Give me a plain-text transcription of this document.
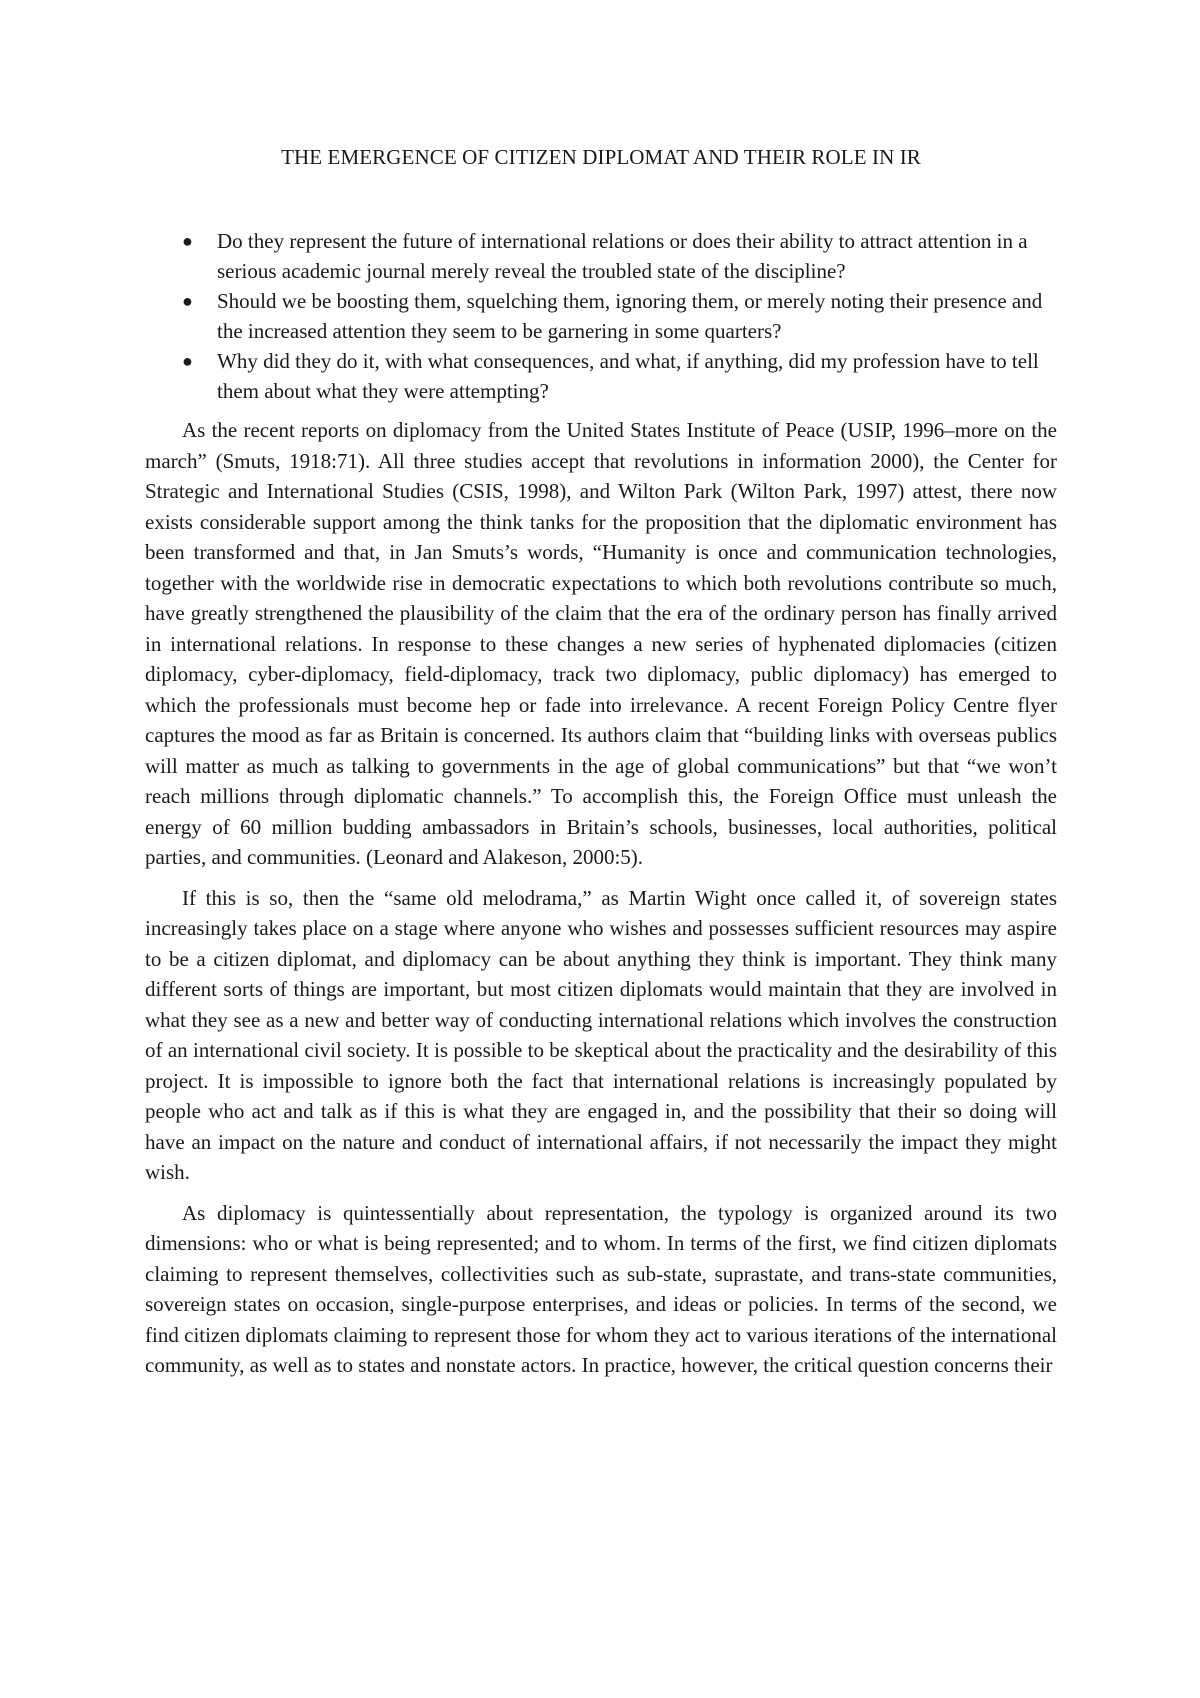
THE EMERGENCE OF CITIZEN DIPLOMAT AND THEIR ROLE IN IR
● Do they represent the future of international relations or does their ability to attract attention in a serious academic journal merely reveal the troubled state of the discipline?
● Should we be boosting them, squelching them, ignoring them, or merely noting their presence and the increased attention they seem to be garnering in some quarters?
● Why did they do it, with what consequences, and what, if anything, did my profession have to tell them about what they were attempting?

As the recent reports on diplomacy from the United States Institute of Peace (USIP, 1996–more on the march” (Smuts, 1918:71). All three studies accept that revolutions in information 2000), the Center for Strategic and International Studies (CSIS, 1998), and Wilton Park (Wilton Park, 1997) attest, there now exists considerable support among the think tanks for the proposition that the diplomatic environment has been transformed and that, in Jan Smuts’s words, “Humanity is once and communication technologies, together with the worldwide rise in democratic expectations to which both revolutions contribute so much, have greatly strengthened the plausibility of the claim that the era of the ordinary person has finally arrived in international relations. In response to these changes a new series of hyphenated diplomacies (citizen diplomacy, cyber-diplomacy, field-diplomacy, track two diplomacy, public diplomacy) has emerged to which the professionals must become hep or fade into irrelevance. A recent Foreign Policy Centre flyer captures the mood as far as Britain is concerned. Its authors claim that “building links with overseas publics will matter as much as talking to governments in the age of global communications” but that “we won’t reach millions through diplomatic channels.” To accomplish this, the Foreign Office must unleash the energy of 60 million budding ambassadors in Britain’s schools, businesses, local authorities, political parties, and communities. (Leonard and Alakeson, 2000:5).

If this is so, then the “same old melodrama,” as Martin Wight once called it, of sovereign states increasingly takes place on a stage where anyone who wishes and possesses sufficient resources may aspire to be a citizen diplomat, and diplomacy can be about anything they think is important. They think many different sorts of things are important, but most citizen diplomats would maintain that they are involved in what they see as a new and better way of conducting international relations which involves the construction of an international civil society. It is possible to be skeptical about the practicality and the desirability of this project. It is impossible to ignore both the fact that international relations is increasingly populated by people who act and talk as if this is what they are engaged in, and the possibility that their so doing will have an impact on the nature and conduct of international affairs, if not necessarily the impact they might wish.

As diplomacy is quintessentially about representation, the typology is organized around its two dimensions: who or what is being represented; and to whom. In terms of the first, we find citizen diplomats claiming to represent themselves, collectivities such as sub-state, suprastate, and trans-state communities, sovereign states on occasion, single-purpose enterprises, and ideas or policies. In terms of the second, we find citizen diplomats claiming to represent those for whom they act to various iterations of the international community, as well as to states and nonstate actors. In practice, however, the critical question concerns their
